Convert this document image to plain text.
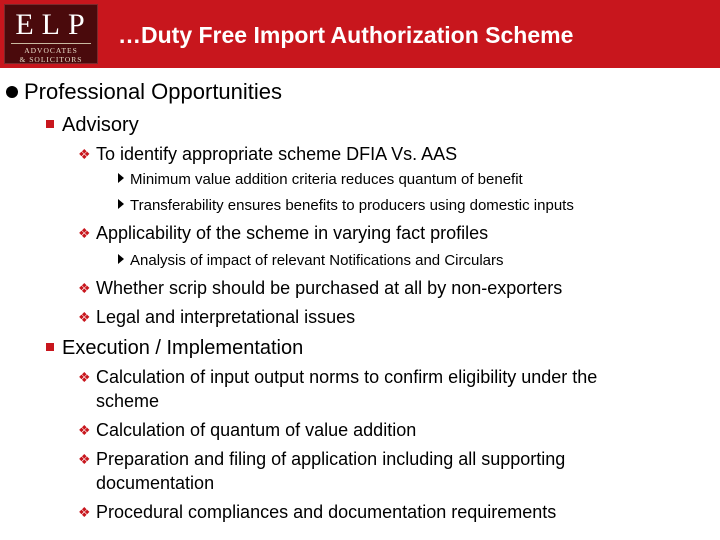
ELP
ADVOCATES
& SOLICITORS
…Duty Free Import Authorization Scheme
Professional Opportunities
Advisory
❖ To identify appropriate scheme DFIA Vs. AAS
Minimum value addition criteria reduces quantum of benefit
Transferability ensures benefits to producers using domestic inputs
❖ Applicability of the scheme in varying fact profiles
Analysis of impact of relevant Notifications and Circulars
❖ Whether scrip should be purchased at all by non-exporters
❖ Legal and interpretational issues
Execution / Implementation
❖ Calculation of input output norms to confirm eligibility under the
scheme
❖ Calculation of quantum of value addition
❖ Preparation and filing of application including all supporting
documentation
❖ Procedural compliances and documentation requirements
